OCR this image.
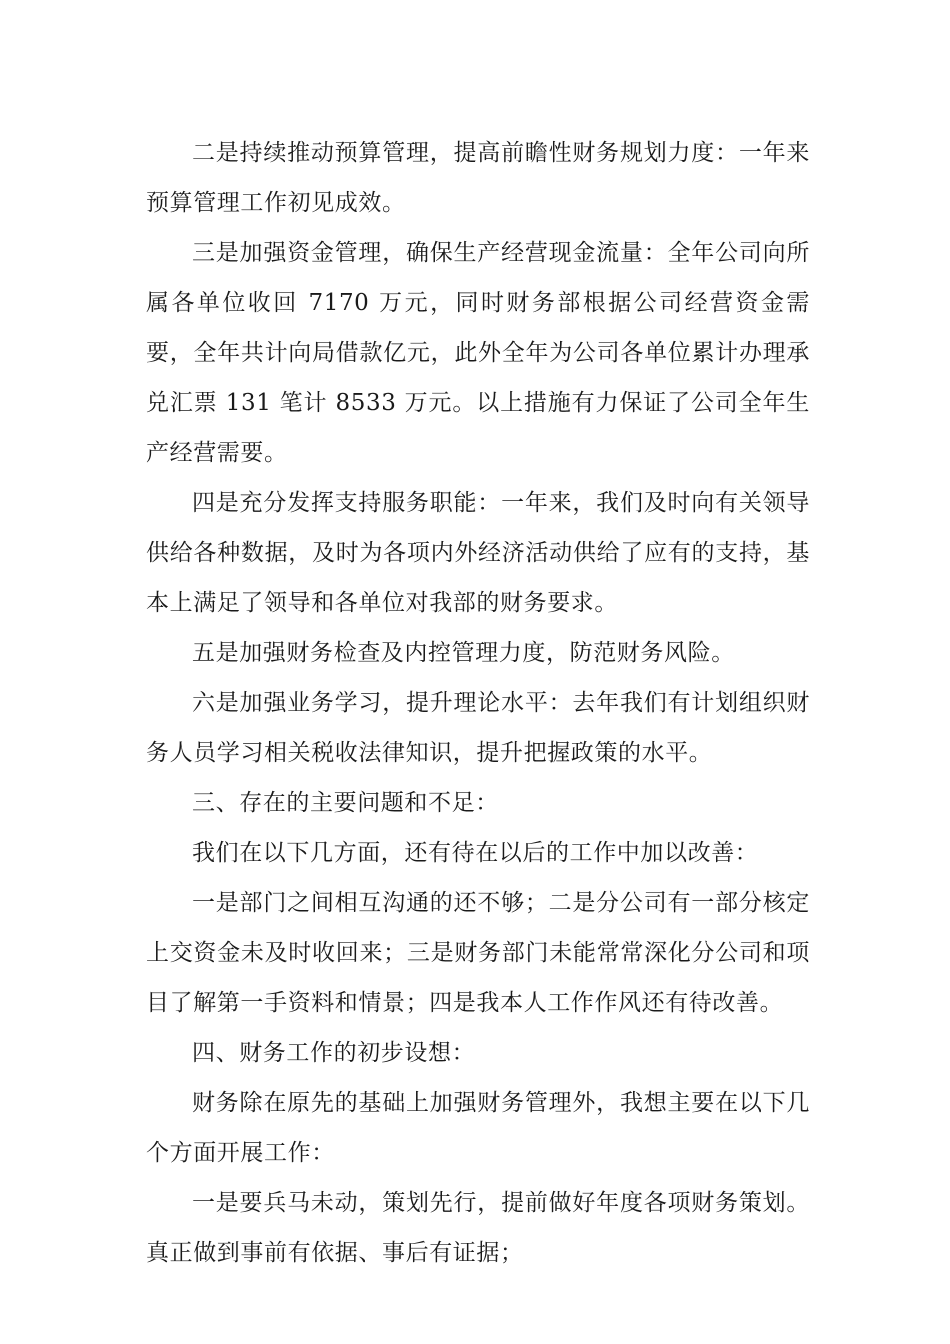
二是持续推动预算管理，提高前瞻性财务规划力度：一年来预算管理工作初见成效。

三是加强资金管理，确保生产经营现金流量：全年公司向所属各单位收回 7170 万元，同时财务部根据公司经营资金需要，全年共计向局借款亿元，此外全年为公司各单位累计办理承兑汇票 131 笔计 8533 万元。以上措施有力保证了公司全年生产经营需要。

四是充分发挥支持服务职能：一年来，我们及时向有关领导供给各种数据，及时为各项内外经济活动供给了应有的支持，基本上满足了领导和各单位对我部的财务要求。

五是加强财务检查及内控管理力度，防范财务风险。

六是加强业务学习，提升理论水平：去年我们有计划组织财务人员学习相关税收法律知识，提升把握政策的水平。

三、存在的主要问题和不足：

我们在以下几方面，还有待在以后的工作中加以改善：

一是部门之间相互沟通的还不够；二是分公司有一部分核定上交资金未及时收回来；三是财务部门未能常常深化分公司和项目了解第一手资料和情景；四是我本人工作作风还有待改善。

四、财务工作的初步设想：

财务除在原先的基础上加强财务管理外，我想主要在以下几个方面开展工作：

一是要兵马未动，策划先行，提前做好年度各项财务策划。真正做到事前有依据、事后有证据；
